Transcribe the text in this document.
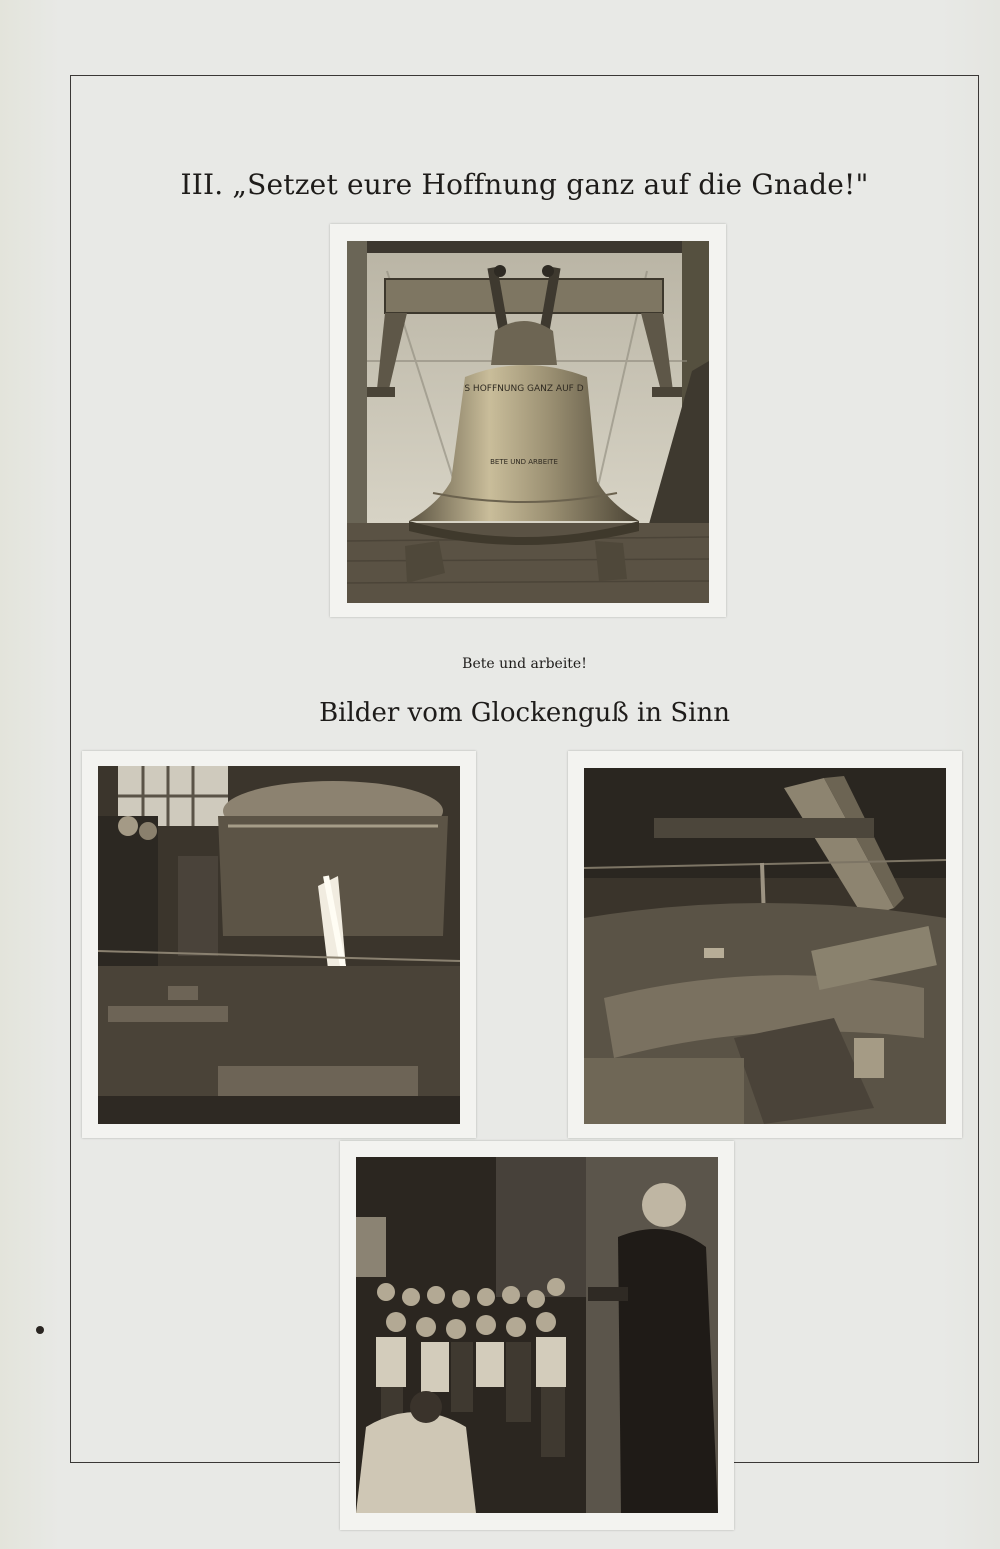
III. „Setzet eure Hoffnung ganz auf die Gnade!"
S HOFFNUNG GANZ AUF D
BETE UND ARBEITE
Bete und arbeite!
Bilder vom Glockenguß in Sinn
